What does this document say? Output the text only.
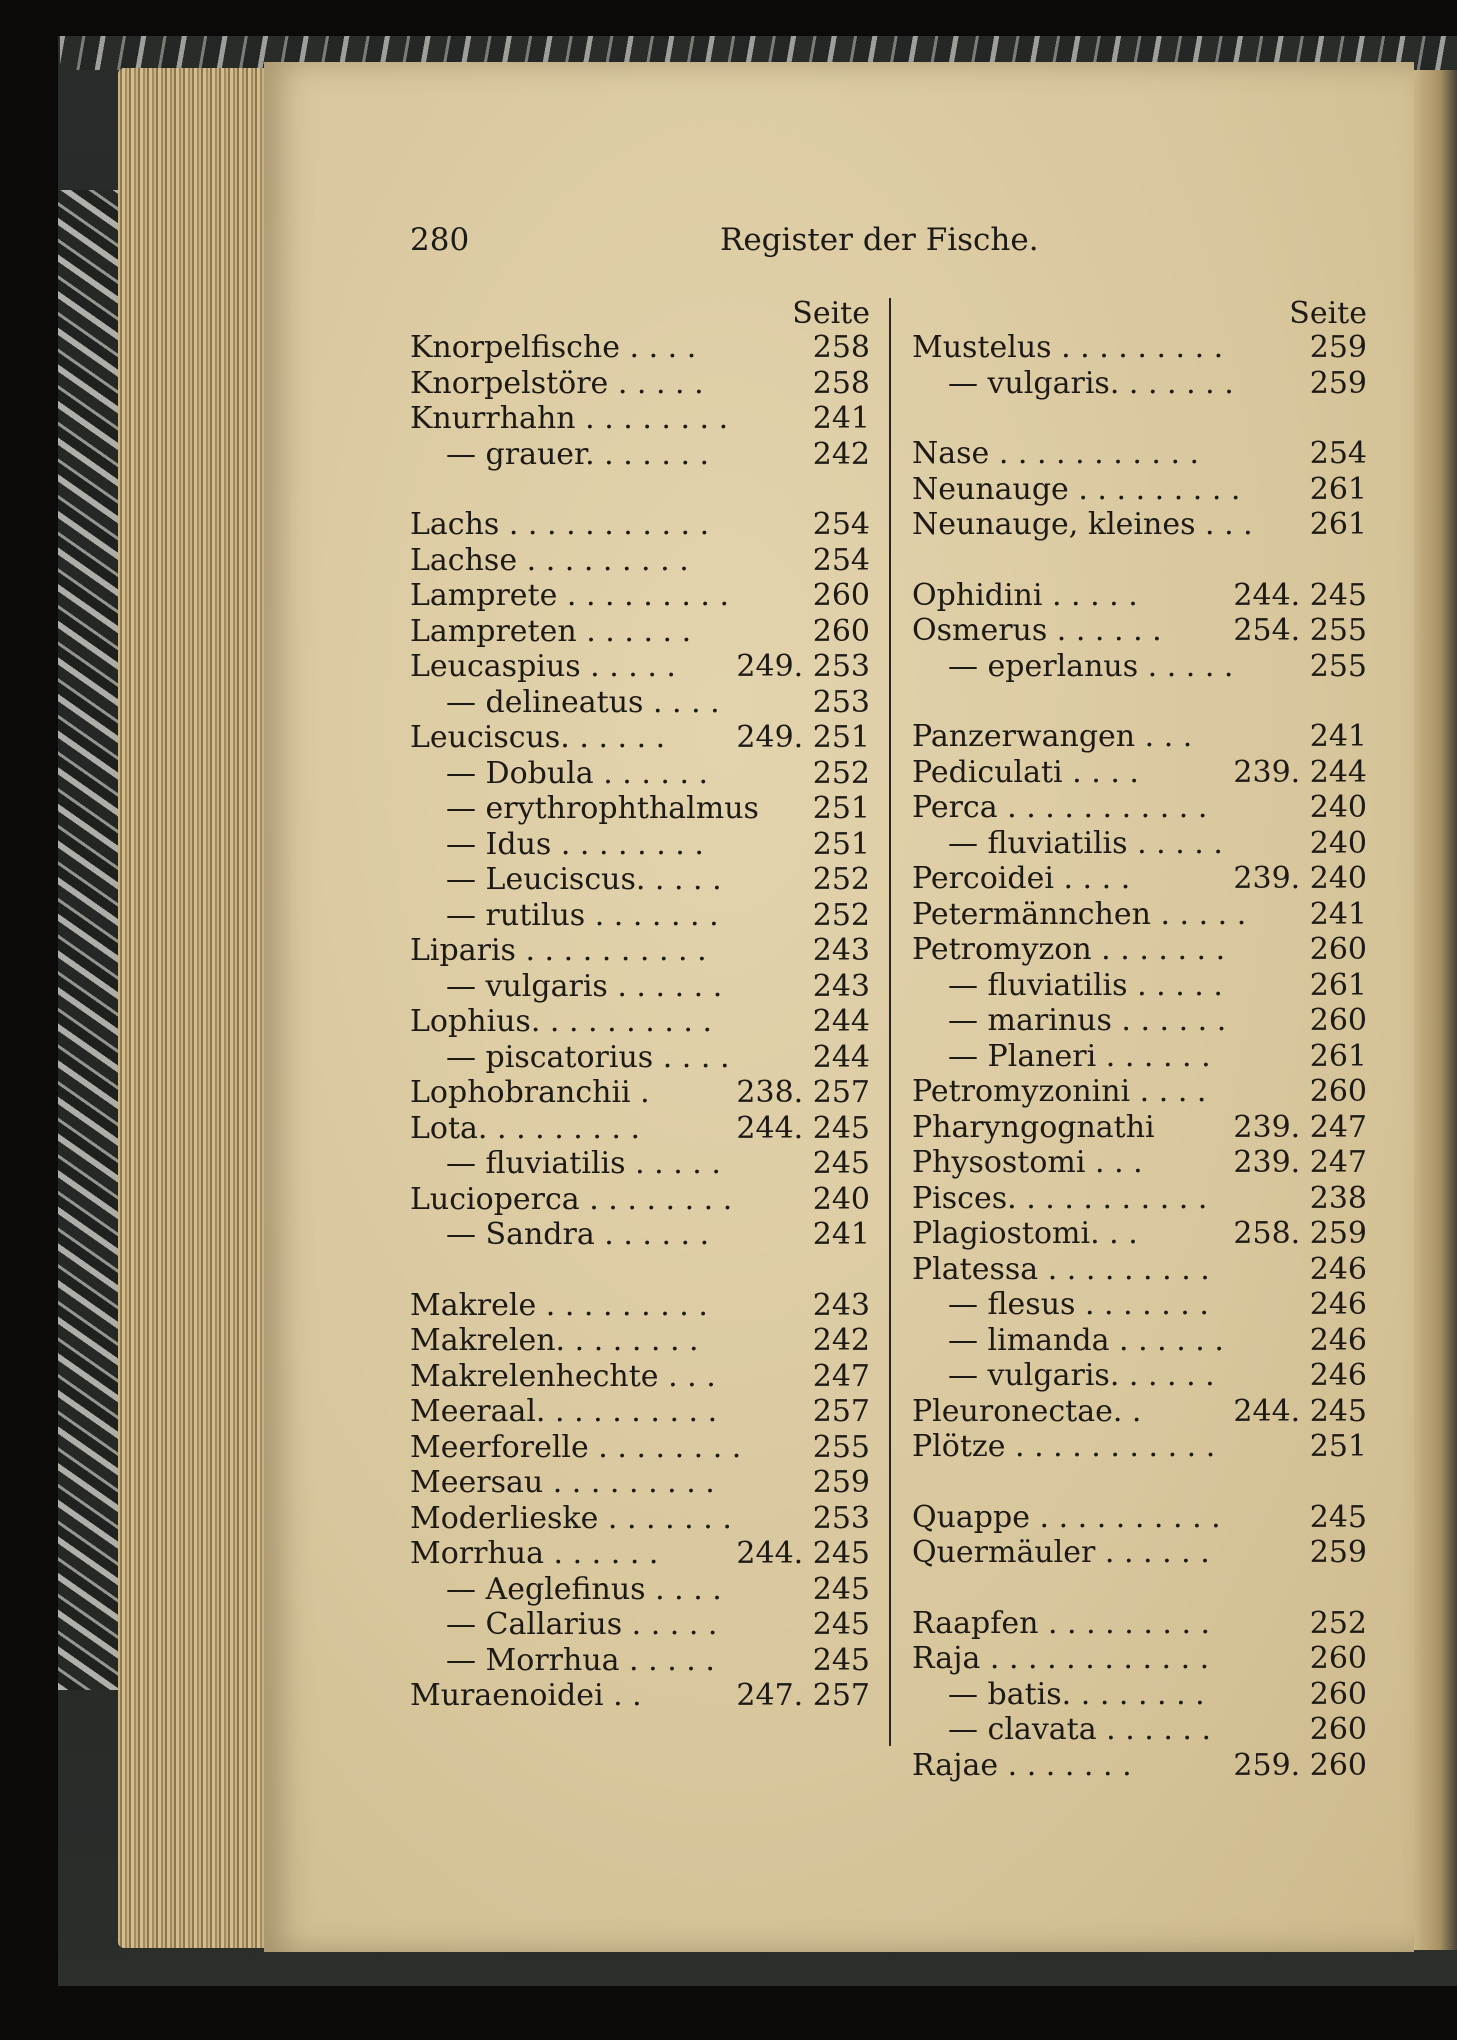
280	Register der Fische.
Seite
Knorpelfische . . . .	258
Knorpelstöre . . . . .	258
Knurrhahn . . . . . . . .	241
— grauer. . . . . . .	242
Lachs . . . . . . . . . . .	254
Lachse . . . . . . . . .	254
Lamprete . . . . . . . . .	260
Lampreten . . . . . .	260
Leucaspius . . . . . 249. 253
— delineatus . . . .	253
Leuciscus. . . . . . 249. 251
— Dobula . . . . . .	252
— erythrophthalmus 251
— Idus . . . . . . . .	251
— Leuciscus. . . . .	252
— rutilus . . . . . . .	252
Liparis . . . . . . . . . .	243
— vulgaris . . . . . .	243
Lophius. . . . . . . . . .	244
— piscatorius . . . .	244
Lophobranchii .	238. 257
Lota. . . . . . . . .	244. 245
— fluviatilis . . . . .	245
Lucioperca . . . . . . . .	240
— Sandra . . . . . .	241
Makrele . . . . . . . . .	243
Makrelen. . . . . . . .	242
Makrelenhechte . . .	247
Meeraal. . . . . . . . . .	257
Meerforelle . . . . . . . . 255
Meersau . . . . . . . . .	259
Moderlieske . . . . . . .	253
Morrhua . . . . . .	244. 245
— Aeglefinus . . . .	245
— Callarius . . . . .	245
— Morrhua . . . . .	245
Muraenoidei . .	247. 257
Seite
Mustelus . . . . . . . . .	259
— vulgaris. . . . . . .	259
Nase . . . . . . . . . . .	254
Neunauge . . . . . . . . . 261
Neunauge, kleines . . . 261
Ophidini . . . . .	244. 245
Osmerus . . . . . . 254. 255
— eperlanus . . . . .	255
Panzerwangen . . .	241
Pediculati . . . .	239. 244
Perca . . . . . . . . . . .	240
— fluviatilis . . . . .	240
Percoidei . . . .	239. 240
Petermännchen . . . . . 241
Petromyzon . . . . . . .	260
— fluviatilis . . . . .	261
— marinus . . . . . .	260
— Planeri . . . . . .	261
Petromyzonini . . . .	260
Pharyngognathi	239. 247
Physostomi . . .	239. 247
Pisces. . . . . . . . . . .	238
Plagiostomi. . .	258. 259
Platessa . . . . . . . . .	246
— flesus . . . . . . .	246
— limanda . . . . . .	246
— vulgaris. . . . . .	246
Pleuronectae. .	244. 245
Plötze . . . . . . . . . . .	251
Quappe . . . . . . . . . .	245
Quermäuler . . . . . .	259
Raapfen . . . . . . . . .	252
Raja . . . . . . . . . . . .	260
— batis. . . . . . . .	260
— clavata . . . . . .	260
Rajae . . . . . . .	259. 260
